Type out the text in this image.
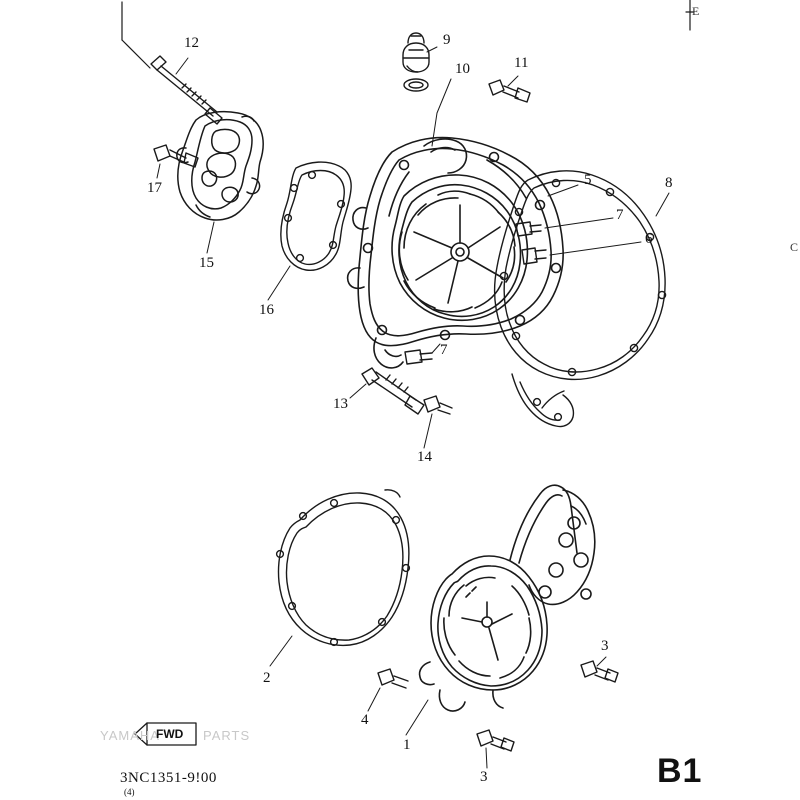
12	9
10	11
17	5	8
15
7
6
16
7
13
14
2
3
4
1
3
E
C
YAMAHA	PARTS
FWD
3NC1351-9!00
(4)
B1
